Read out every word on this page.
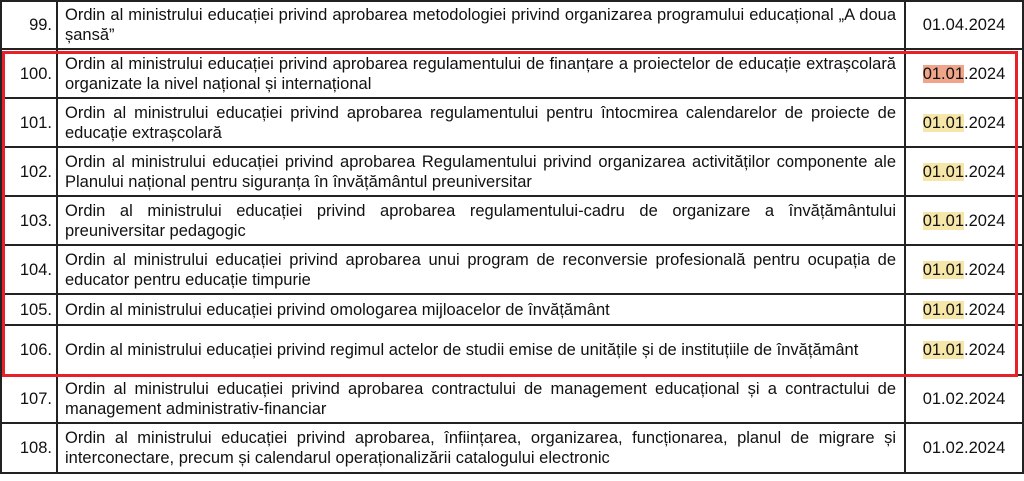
99.	Ordin al ministrului educației privind aprobarea metodologiei privind organizarea programului educațional „A doua șansă”	01.04.2024
100.	Ordin al ministrului educației privind aprobarea regulamentului de finanțare a proiectelor de educație extrașcolară organizate la nivel național și internațional	01.01.2024
101.	Ordin al ministrului educației privind aprobarea regulamentului pentru întocmirea calendarelor de proiecte de educație extrașcolară	01.01.2024
102.	Ordin al ministrului educației privind aprobarea Regulamentului privind organizarea activităților componente ale Planului național pentru siguranța în învățământul preuniversitar	01.01.2024
103.	Ordin al ministrului educației privind aprobarea regulamentului-cadru de organizare a învățământului preuniversitar pedagogic	01.01.2024
104.	Ordin al ministrului educației privind aprobarea unui program de reconversie profesională pentru ocupația de educator pentru educație timpurie	01.01.2024
105.	Ordin al ministrului educației privind omologarea mijloacelor de învățământ	01.01.2024
106.	Ordin al ministrului educației privind regimul actelor de studii emise de unitățile și de instituțiile de învățământ	01.01.2024
107.	Ordin al ministrului educației privind aprobarea contractului de management educațional și a contractului de management administrativ-financiar	01.02.2024
108.	Ordin al ministrului educației privind aprobarea, înființarea, organizarea, funcționarea, planul de migrare și interconectare, precum și calendarul operaționalizării catalogului electronic	01.02.2024
